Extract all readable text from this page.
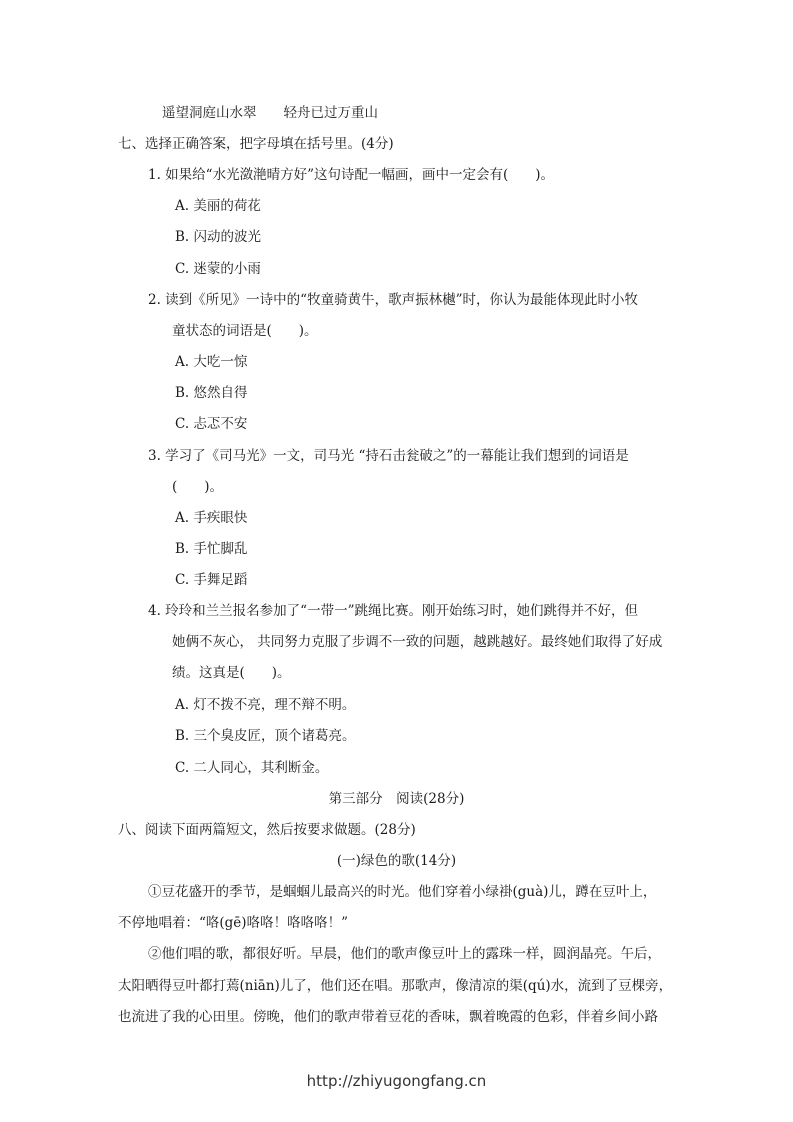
遥望洞庭山水翠　　轻舟已过万重山
七、选择正确答案，把字母填在括号里。(4分)
1. 如果给“水光潋滟晴方好”这句诗配一幅画，画中一定会有(　　)。
A. 美丽的荷花
B. 闪动的波光
C. 迷蒙的小雨
2. 读到《所见》一诗中的“牧童骑黄牛，歌声振林樾”时，你认为最能体现此时小牧
童状态的词语是(　　)。
A. 大吃一惊
B. 悠然自得
C. 忐忑不安
3. 学习了《司马光》一文，司马光 “持石击瓮破之”的一幕能让我们想到的词语是
(　　)。
A. 手疾眼快
B. 手忙脚乱
C. 手舞足蹈
4. 玲玲和兰兰报名参加了“一带一”跳绳比赛。刚开始练习时，她们跳得并不好，但
她俩不灰心， 共同努力克服了步调不一致的问题，越跳越好。最终她们取得了好成
绩。这真是(　　)。
A. 灯不拨不亮，理不辩不明。
B. 三个臭皮匠，顶个诸葛亮。
C. 二人同心，其利断金。
第三部分　阅读(28分)
八、阅读下面两篇短文，然后按要求做题。(28分)
(一)绿色的歌(14分)
①豆花盛开的季节，是蝈蝈儿最高兴的时光。他们穿着小绿褂(guà)儿，蹲在豆叶上，
不停地唱着：“咯(gē)咯咯！咯咯咯！”
②他们唱的歌，都很好听。早晨，他们的歌声像豆叶上的露珠一样，圆润晶亮。午后，
太阳晒得豆叶都打蔫(niān)儿了，他们还在唱。那歌声，像清凉的渠(qú)水，流到了豆棵旁，
也流进了我的心田里。傍晚，他们的歌声带着豆花的香味，飘着晚霞的色彩，伴着乡间小路
http://zhiyugongfang.cn
